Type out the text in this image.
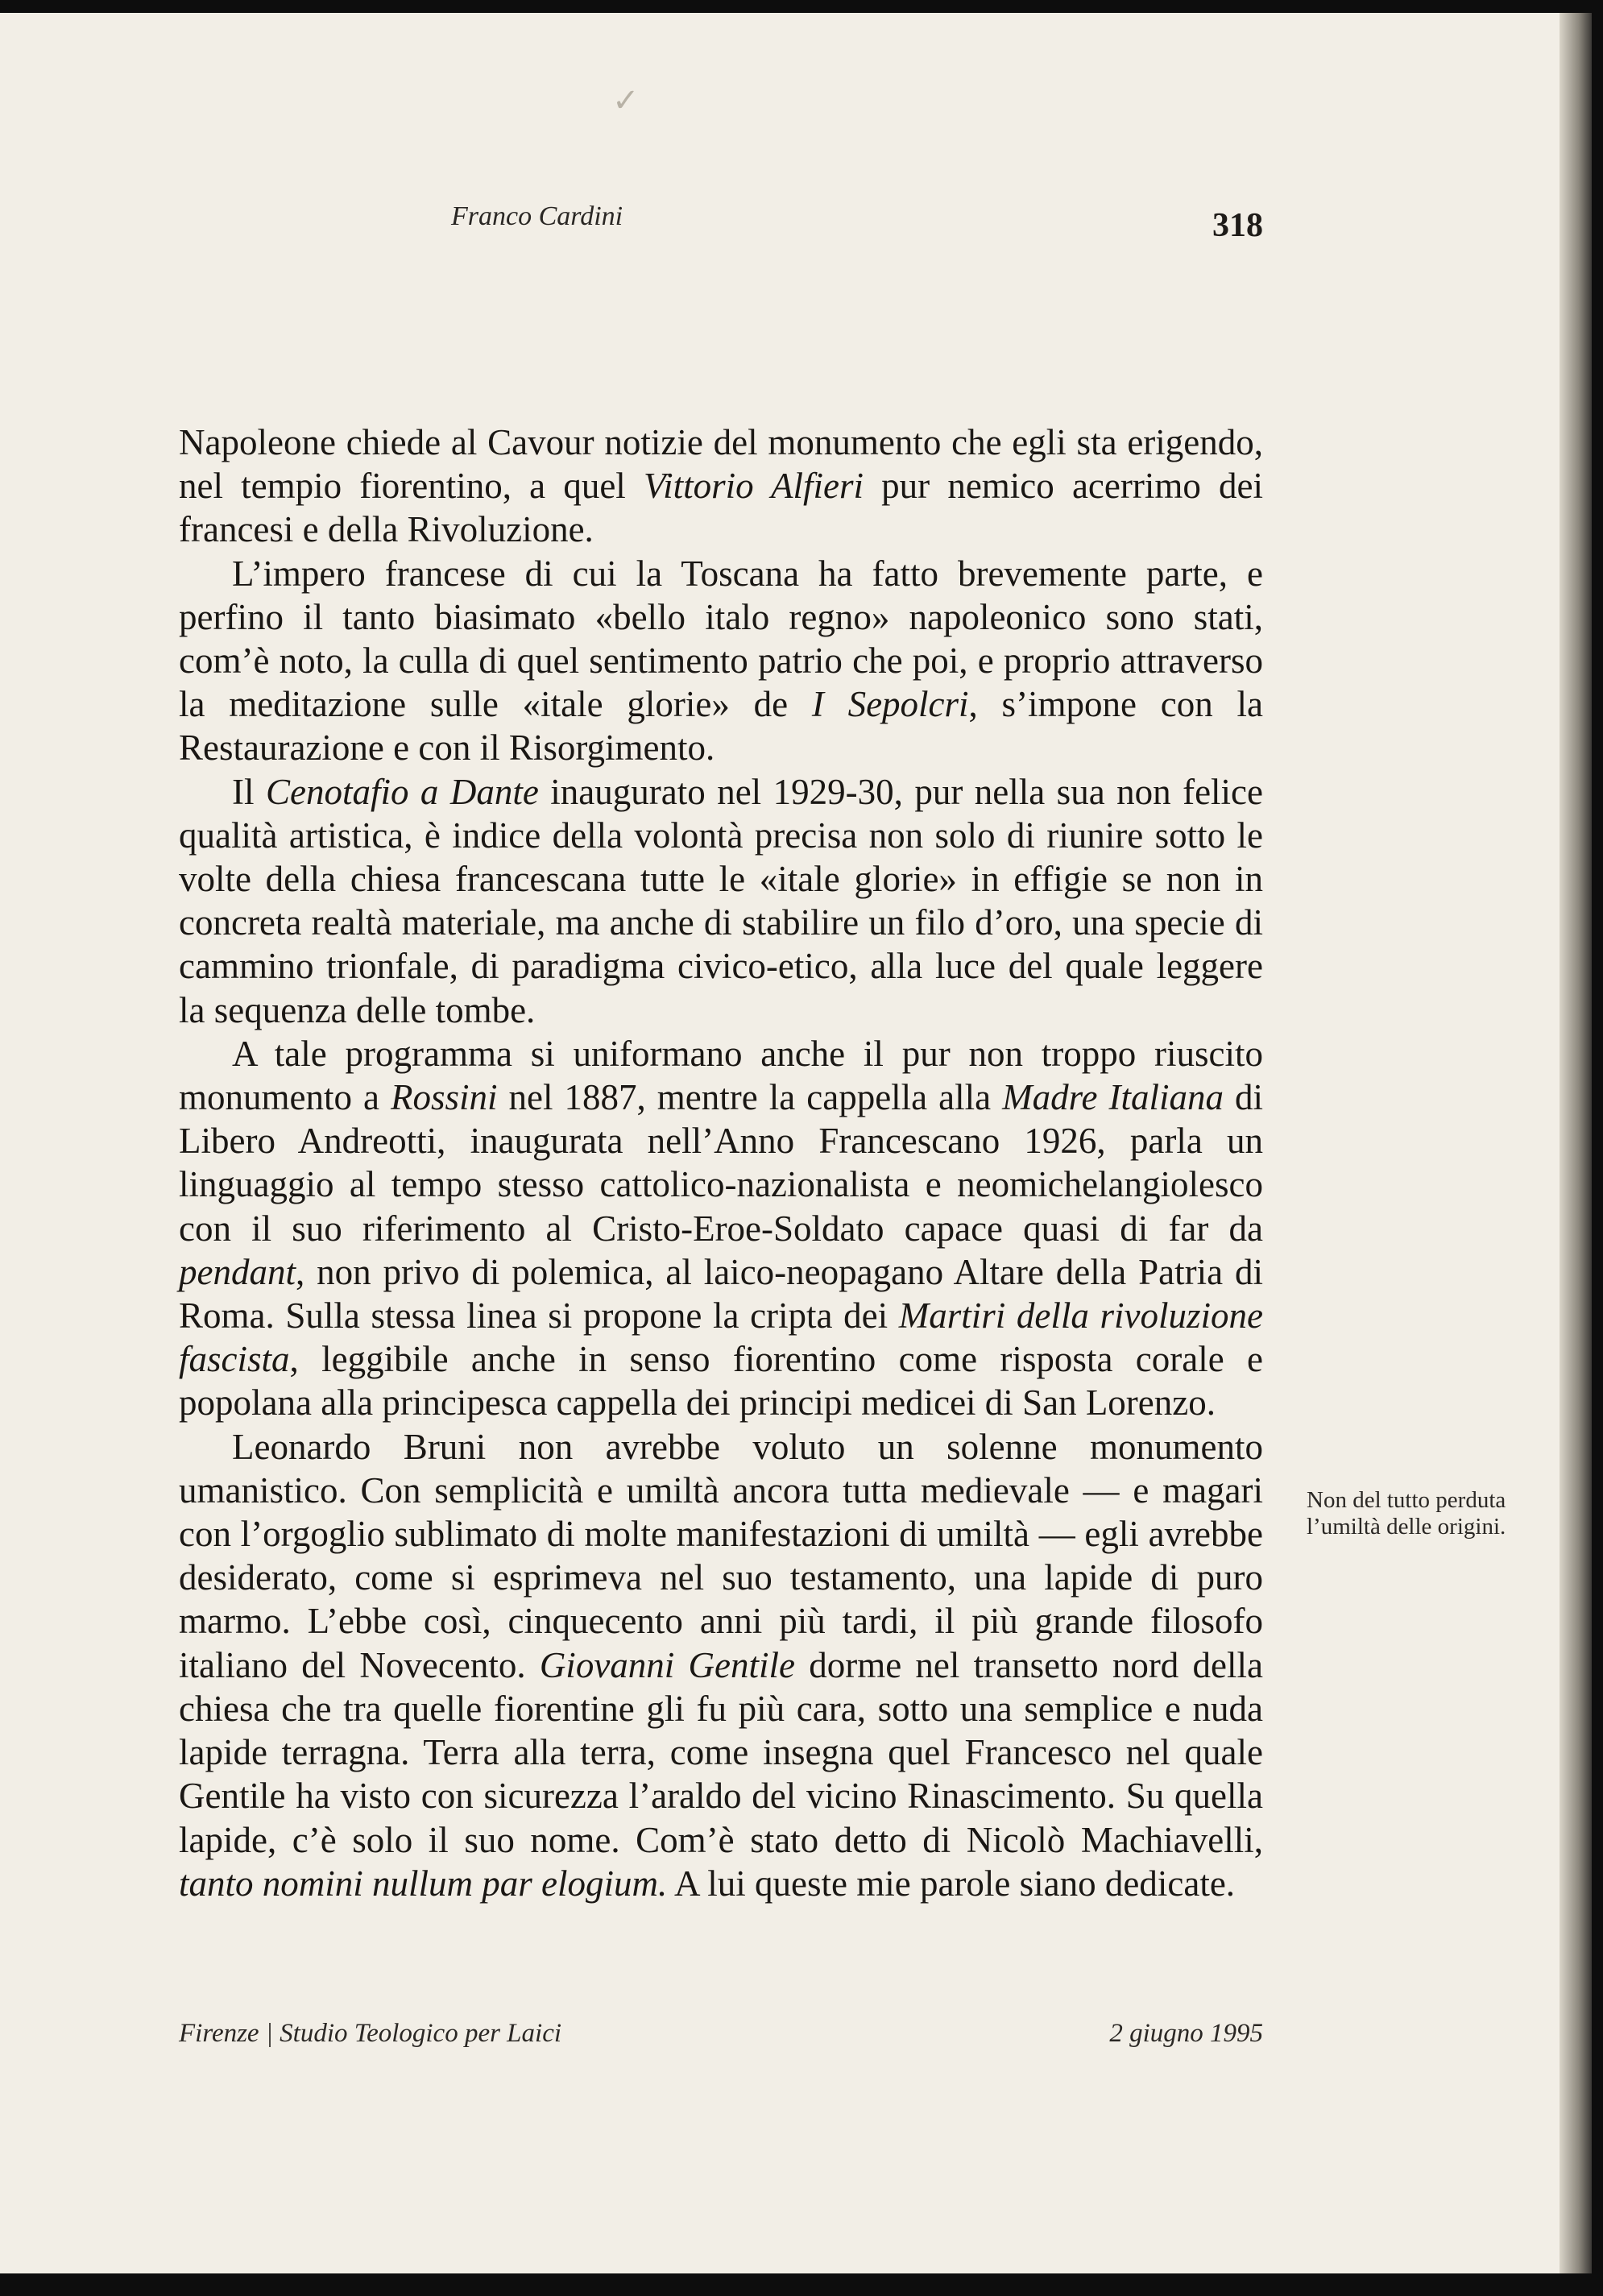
✓
Franco Cardini	318

Napoleone chiede al Cavour notizie del monumento che egli sta erigendo, nel tempio fiorentino, a quel Vittorio Alfieri pur nemico acerrimo dei francesi e della Rivoluzione.

L’impero francese di cui la Toscana ha fatto brevemente parte, e perfino il tanto biasimato «bello italo regno» napoleonico sono stati, com’è noto, la culla di quel sentimento patrio che poi, e proprio attraverso la meditazione sulle «itale glorie» de I Sepolcri, s’impone con la Restaurazione e con il Risorgimento.

Il Cenotafio a Dante inaugurato nel 1929-30, pur nella sua non felice qualità artistica, è indice della volontà precisa non solo di riunire sotto le volte della chiesa francescana tutte le «itale glorie» in effigie se non in concreta realtà materiale, ma anche di stabilire un filo d’oro, una specie di cammino trionfale, di paradigma civico-etico, alla luce del quale leggere la sequenza delle tombe.

A tale programma si uniformano anche il pur non troppo riuscito monumento a Rossini nel 1887, mentre la cappella alla Madre Italiana di Libero Andreotti, inaugurata nell’Anno Francescano 1926, parla un linguaggio al tempo stesso cattolico-nazionalista e neomichelangiolesco con il suo riferimento al Cristo-Eroe-Soldato capace quasi di far da pendant, non privo di polemica, al laico-neopagano Altare della Patria di Roma. Sulla stessa linea si propone la cripta dei Martiri della rivoluzione fascista, leggibile anche in senso fiorentino come risposta corale e popolana alla principesca cappella dei principi medicei di San Lorenzo.

Leonardo Bruni non avrebbe voluto un solenne monumento umanistico. Con semplicità e umiltà ancora tutta medievale — e magari con l’orgoglio sublimato di molte manifestazioni di umiltà — egli avrebbe desiderato, come si esprimeva nel suo testamento, una lapide di puro marmo. L’ebbe così, cinquecento anni più tardi, il più grande filosofo italiano del Novecento. Giovanni Gentile dorme nel transetto nord della chiesa che tra quelle fiorentine gli fu più cara, sotto una semplice e nuda lapide terragna. Terra alla terra, come insegna quel Francesco nel quale Gentile ha visto con sicurezza l’araldo del vicino Rinascimento. Su quella lapide, c’è solo il suo nome. Com’è stato detto di Nicolò Machiavelli, tanto nomini nullum par elogium. A lui queste mie parole siano dedicate.

Non del tutto perduta l’umiltà delle origini.
Firenze | Studio Teologico per Laici	2 giugno 1995
